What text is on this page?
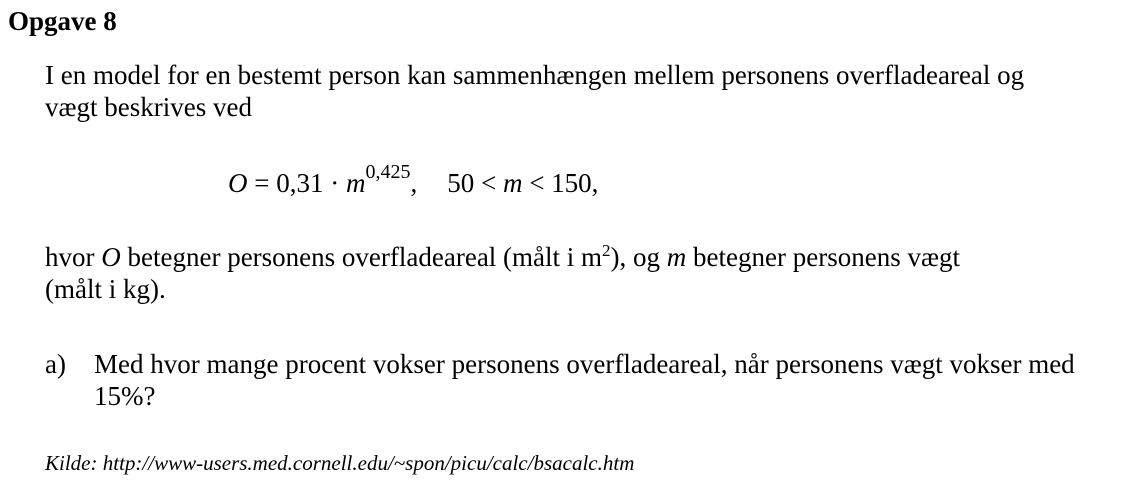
Opgave 8
I en model for en bestemt person kan sammenhængen mellem personens overfladeareal og
vægt beskrives ved
$O = 0,31 \cdot m^{0,425}$, 50 < m < 150,
hvor O betegner personens overfladeareal (målt i $m^2$), og m betegner personens vægt
(målt i kg).
a) Med hvor mange procent vokser personens overfladeareal, når personens vægt vokser med 15%?
Kilde: http://www-users.med.cornell.edu/~spon/picu/calc/bsacalc.htm
